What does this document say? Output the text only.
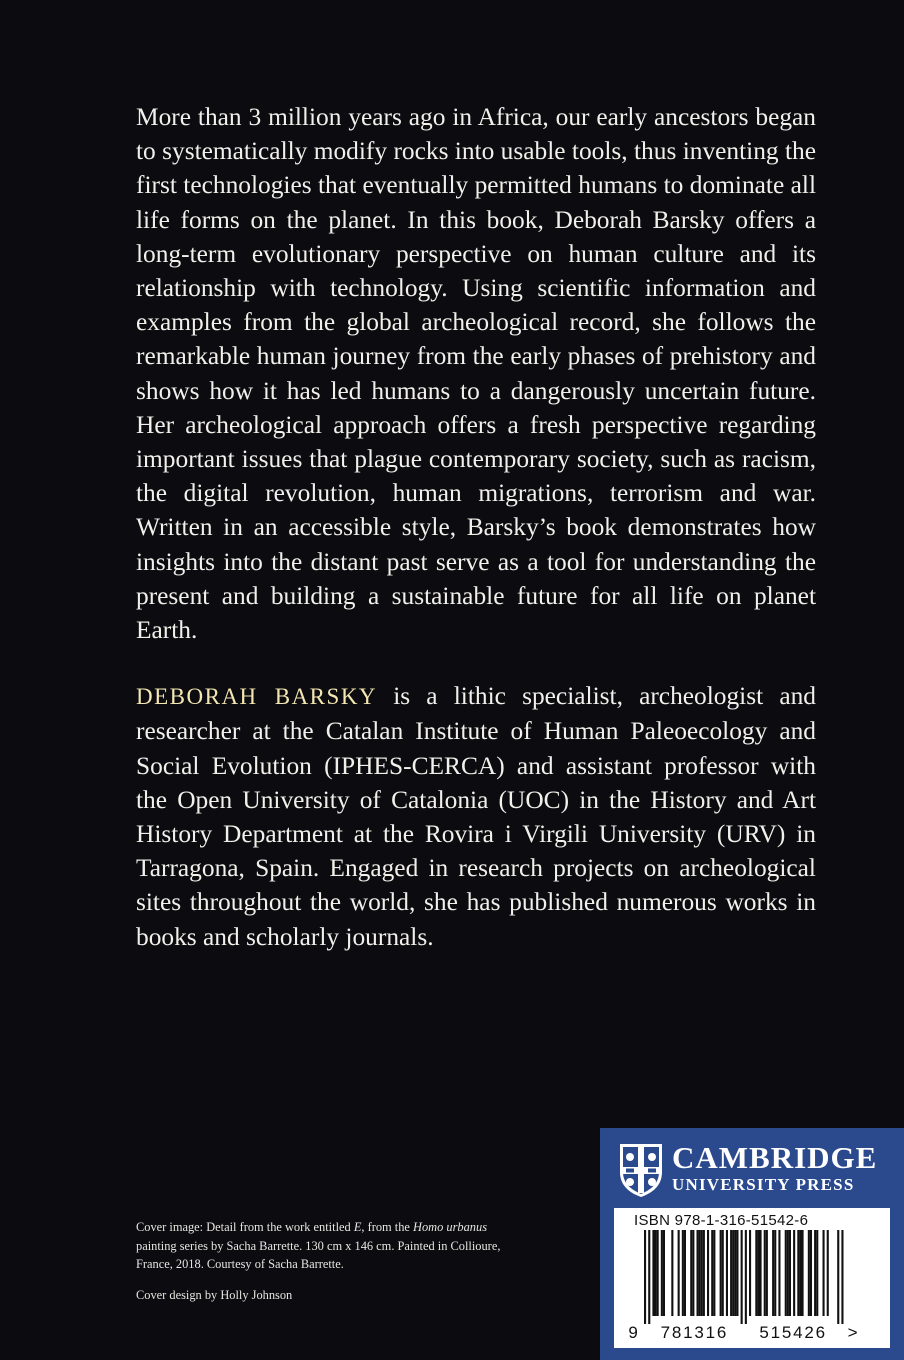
More than 3 million years ago in Africa, our early ancestors began to systematically modify rocks into usable tools, thus inventing the first technologies that eventually permitted humans to dominate all life forms on the planet. In this book, Deborah Barsky offers a long-term evolutionary perspective on human culture and its relationship with technology. Using scientific information and examples from the global archeological record, she follows the remarkable human journey from the early phases of prehistory and shows how it has led humans to a dangerously uncertain future. Her archeological approach offers a fresh perspective regarding important issues that plague contemporary society, such as racism, the digital revolution, human migrations, terrorism and war. Written in an accessible style, Barsky’s book demonstrates how insights into the distant past serve as a tool for understanding the present and building a sustainable future for all life on planet Earth.

DEBORAH BARSKY is a lithic specialist, archeologist and researcher at the Catalan Institute of Human Paleoecology and Social Evolution (IPHES-CERCA) and assistant professor with the Open University of Catalonia (UOC) in the History and Art History Department at the Rovira i Virgili University (URV) in Tarragona, Spain. Engaged in research projects on archeological sites throughout the world, she has published numerous works in books and scholarly journals.

Cover image: Detail from the work entitled E, from the Homo urbanus painting series by Sacha Barrette. 130 cm x 146 cm. Painted in Collioure, France, 2018. Courtesy of Sacha Barrette.

Cover design by Holly Johnson

CAMBRIDGE
UNIVERSITY PRESS
ISBN 978-1-316-51542-6
9 781316 515426 >
